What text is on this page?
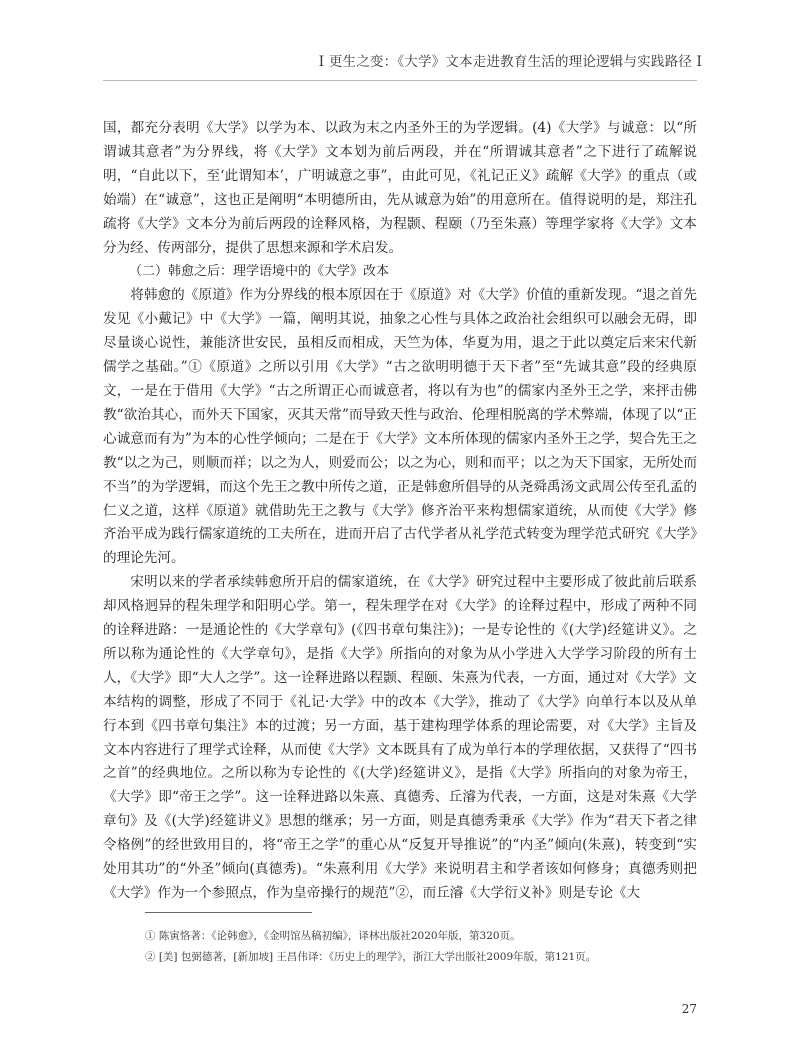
Ⅰ 更生之变：《大学》文本走进教育生活的理论逻辑与实践路径 Ⅰ

国，都充分表明《大学》以学为本、以政为末之内圣外王的为学逻辑。(4)《大学》与诚意：以“所谓诚其意者”为分界线，将《大学》文本划为前后两段，并在“所谓诚其意者”之下进行了疏解说明，“自此以下，至‘此谓知本’，广明诚意之事”，由此可见，《礼记正义》疏解《大学》的重点（或始端）在“诚意”，这也正是阐明“本明德所由，先从诚意为始”的用意所在。值得说明的是，郑注孔疏将《大学》文本分为前后两段的诠释风格，为程颢、程颐（乃至朱熹）等理学家将《大学》文本分为经、传两部分，提供了思想来源和学术启发。

（二）韩愈之后：理学语境中的《大学》改本

将韩愈的《原道》作为分界线的根本原因在于《原道》对《大学》价值的重新发现。“退之首先发见《小戴记》中《大学》一篇，阐明其说，抽象之心性与具体之政治社会组织可以融会无碍，即尽量谈心说性，兼能济世安民，虽相反而相成，天竺为体，华夏为用，退之于此以奠定后来宋代新儒学之基础。”①《原道》之所以引用《大学》“古之欲明明德于天下者”至“先诚其意”段的经典原文，一是在于借用《大学》“古之所谓正心而诚意者，将以有为也”的儒家内圣外王之学，来抨击佛教“欲治其心，而外天下国家，灭其天常”而导致天性与政治、伦理相脱离的学术弊端，体现了以“正心诚意而有为”为本的心性学倾向；二是在于《大学》文本所体现的儒家内圣外王之学，契合先王之教“以之为己，则顺而祥；以之为人，则爱而公；以之为心，则和而平；以之为天下国家，无所处而不当”的为学逻辑，而这个先王之教中所传之道，正是韩愈所倡导的从尧舜禹汤文武周公传至孔孟的仁义之道，这样《原道》就借助先王之教与《大学》修齐治平来构想儒家道统，从而使《大学》修齐治平成为践行儒家道统的工夫所在，进而开启了古代学者从礼学范式转变为理学范式研究《大学》的理论先河。

宋明以来的学者承续韩愈所开启的儒家道统，在《大学》研究过程中主要形成了彼此前后联系却风格迥异的程朱理学和阳明心学。第一，程朱理学在对《大学》的诠释过程中，形成了两种不同的诠释进路：一是通论性的《大学章句》(《四书章句集注》)；一是专论性的《(大学)经筵讲义》。之所以称为通论性的《大学章句》，是指《大学》所指向的对象为从小学进入大学学习阶段的所有士人，《大学》即“大人之学”。这一诠释进路以程颢、程颐、朱熹为代表，一方面，通过对《大学》文本结构的调整，形成了不同于《礼记·大学》中的改本《大学》，推动了《大学》向单行本以及从单行本到《四书章句集注》本的过渡；另一方面，基于建构理学体系的理论需要，对《大学》主旨及文本内容进行了理学式诠释，从而使《大学》文本既具有了成为单行本的学理依据，又获得了“四书之首”的经典地位。之所以称为专论性的《(大学)经筵讲义》，是指《大学》所指向的对象为帝王，《大学》即“帝王之学”。这一诠释进路以朱熹、真德秀、丘濬为代表，一方面，这是对朱熹《大学章句》及《(大学)经筵讲义》思想的继承；另一方面，则是真德秀秉承《大学》作为“君天下者之律令格例”的经世致用目的，将“帝王之学”的重心从“反复开导推说”的“内圣”倾向(朱熹)，转变到“实处用其功”的“外圣”倾向(真德秀)。“朱熹利用《大学》来说明君主和学者该如何修身；真德秀则把《大学》作为一个参照点，作为皇帝操行的规范”②，而丘濬《大学衍义补》则是专论《大

① 陈寅恪著：《论韩愈》，《金明馆丛稿初编》，译林出版社2020年版，第320页。

② [美] 包弼德著，[新加坡] 王昌伟译：《历史上的理学》，浙江大学出版社2009年版，第121页。

27
